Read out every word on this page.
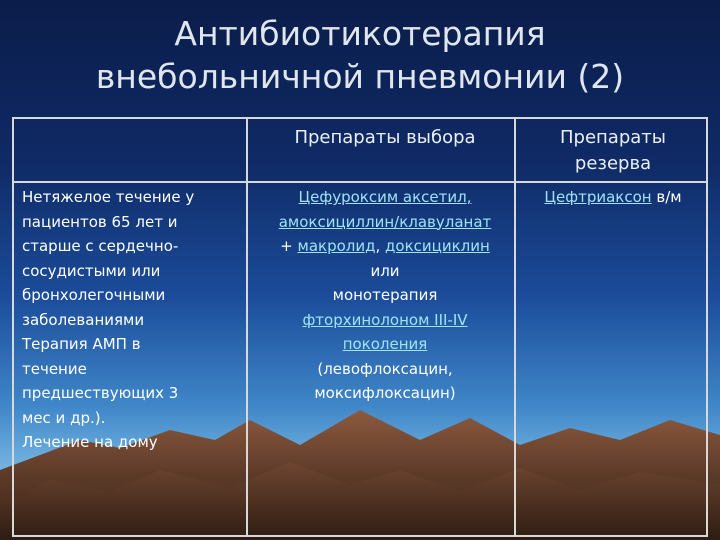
Антибиотикотерапия
внебольничной пневмонии (2)
Препараты выбора	Препараты
резерва
Нетяжелое течение у
пациентов 65 лет и
старше с сердечно-
сосудистыми или
бронхолегочными
заболеваниями
Терапия АМП в
течение
предшествующих 3
мес и др.).
Лечение на дому
Цефуроксим аксетил,
амоксициллин/клавуланат
+ макролид, доксициклин
или
монотерапия
фторхинолоном III-IV
поколения
(левофлоксацин,
моксифлоксацин)
Цефтриаксон в/м
